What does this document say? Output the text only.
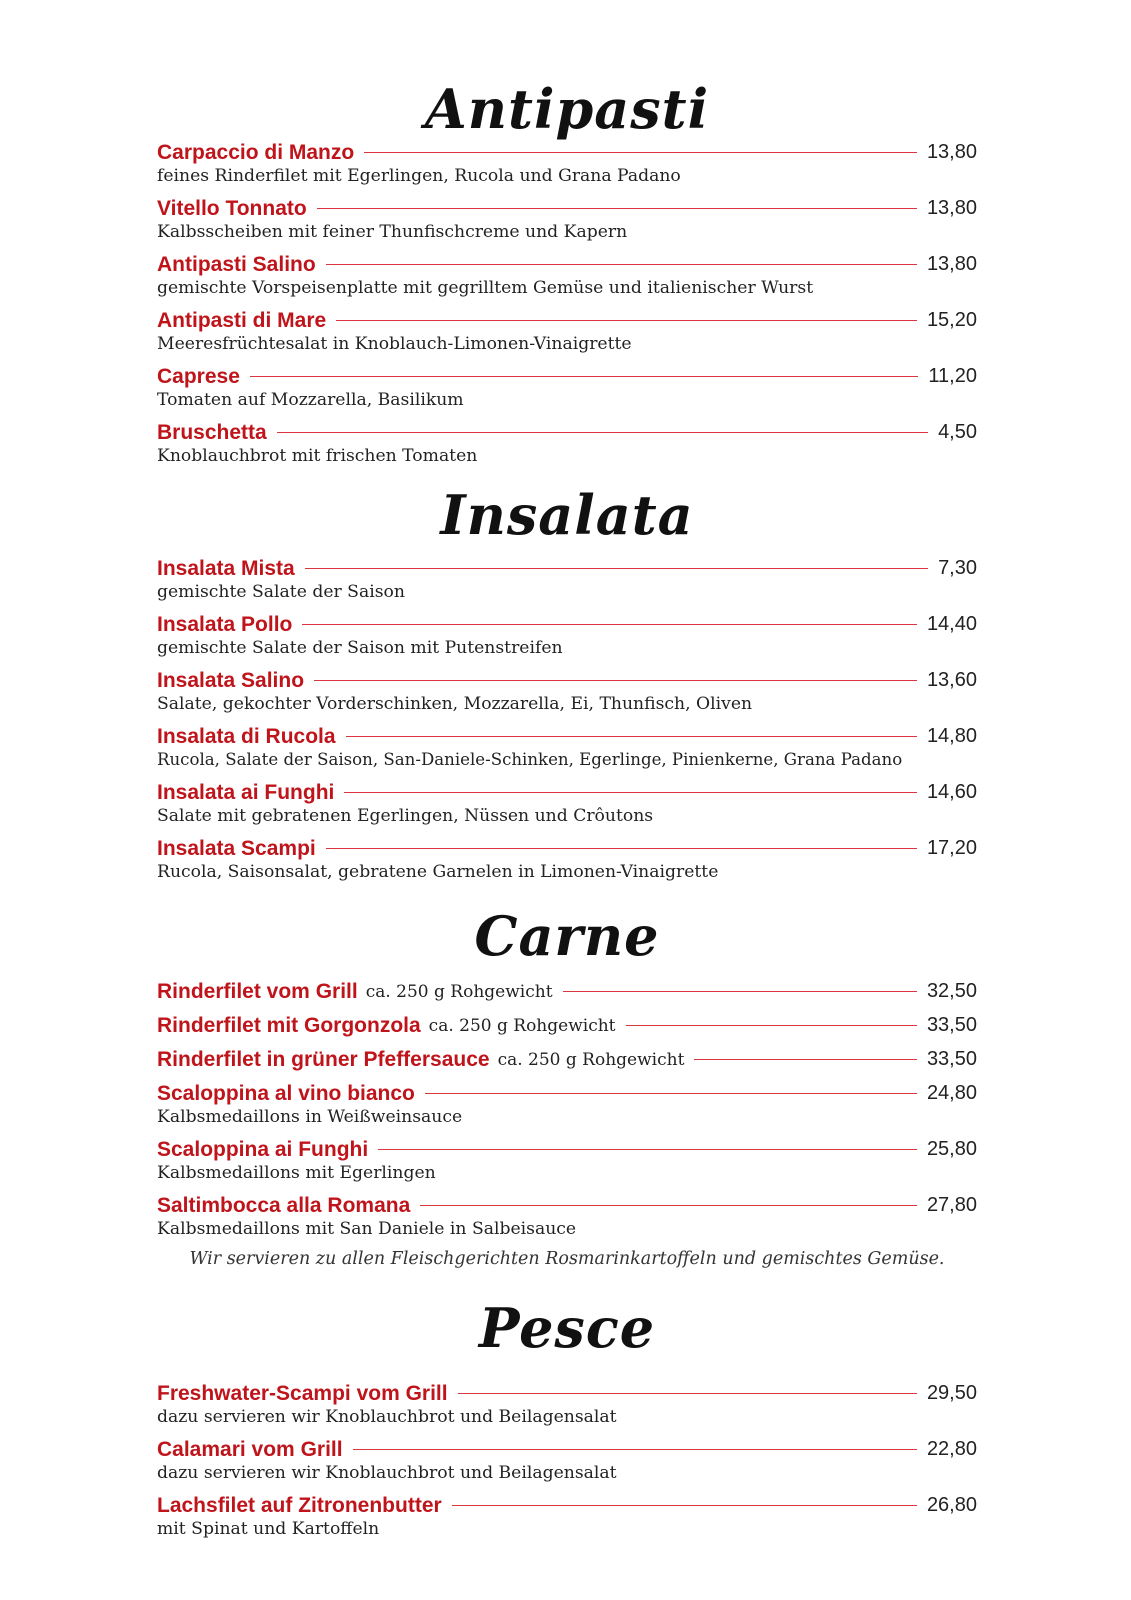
Antipasti
Carpaccio di Manzo	13,80
feines Rinderfilet mit Egerlingen, Rucola und Grana Padano
Vitello Tonnato	13,80
Kalbsscheiben mit feiner Thunfischcreme und Kapern
Antipasti Salino	13,80
gemischte Vorspeisenplatte mit gegrilltem Gemüse und italienischer Wurst
Antipasti di Mare	15,20
Meeresfrüchtesalat in Knoblauch-Limonen-Vinaigrette
Caprese	11,20
Tomaten auf Mozzarella, Basilikum
Bruschetta	4,50
Knoblauchbrot mit frischen Tomaten
Insalata
Insalata Mista	7,30
gemischte Salate der Saison
Insalata Pollo	14,40
gemischte Salate der Saison mit Putenstreifen
Insalata Salino	13,60
Salate, gekochter Vorderschinken, Mozzarella, Ei, Thunfisch, Oliven
Insalata di Rucola	14,80
Rucola, Salate der Saison, San-Daniele-Schinken, Egerlinge, Pinienkerne, Grana Padano
Insalata ai Funghi	14,60
Salate mit gebratenen Egerlingen, Nüssen und Crôutons
Insalata Scampi	17,20
Rucola, Saisonsalat, gebratene Garnelen in Limonen-Vinaigrette
Carne
Rinderfilet vom Grill ca. 250 g Rohgewicht	32,50
Rinderfilet mit Gorgonzola ca. 250 g Rohgewicht	33,50
Rinderfilet in grüner Pfeffersauce ca. 250 g Rohgewicht	33,50
Scaloppina al vino bianco	24,80
Kalbsmedaillons in Weißweinsauce
Scaloppina ai Funghi	25,80
Kalbsmedaillons mit Egerlingen
Saltimbocca alla Romana	27,80
Kalbsmedaillons mit San Daniele in Salbeisauce
Wir servieren zu allen Fleischgerichten Rosmarinkartoffeln und gemischtes Gemüse.
Pesce
Freshwater-Scampi vom Grill	29,50
dazu servieren wir Knoblauchbrot und Beilagensalat
Calamari vom Grill	22,80
dazu servieren wir Knoblauchbrot und Beilagensalat
Lachsfilet auf Zitronenbutter	26,80
mit Spinat und Kartoffeln
